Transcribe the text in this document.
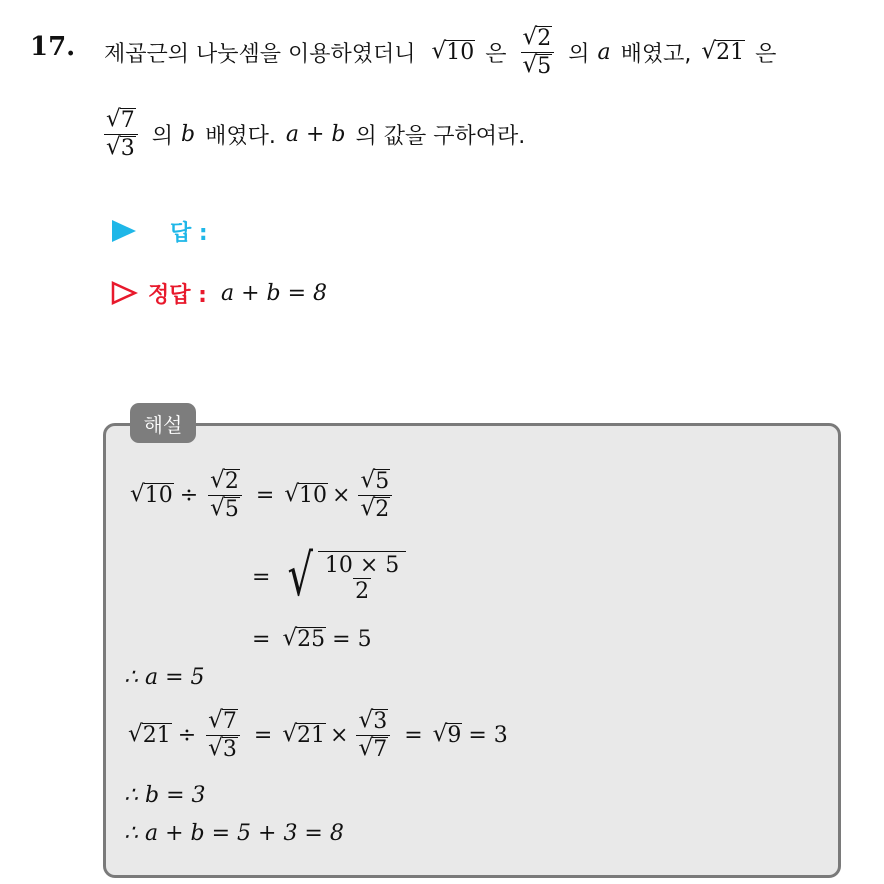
17. 제곱근의 나눗셈을 이용하였더니 √ 10 은
√ 2
√ 5 의 a 배였고, √ 21 은
√ 7
√ 3 의 b 배였다. a + b 의 값을 구하여라.
답 :
정답 : a + b = 8
해설
√ $10 \div \frac{√ 2}{√ 5}$ = √ $10 \times \frac{√ 5}{√ 2}$
= √ $\frac{10 \times 5}{2}$
= √ 25 = 5
∴ a = 5
√ $21 \div \frac{√ 7}{√ 3}$ = √ $21 \times \frac{√ 3}{√ 7}$ = √ 9 = 3
∴ b = 3
∴ a + b = 5 + 3 = 8
